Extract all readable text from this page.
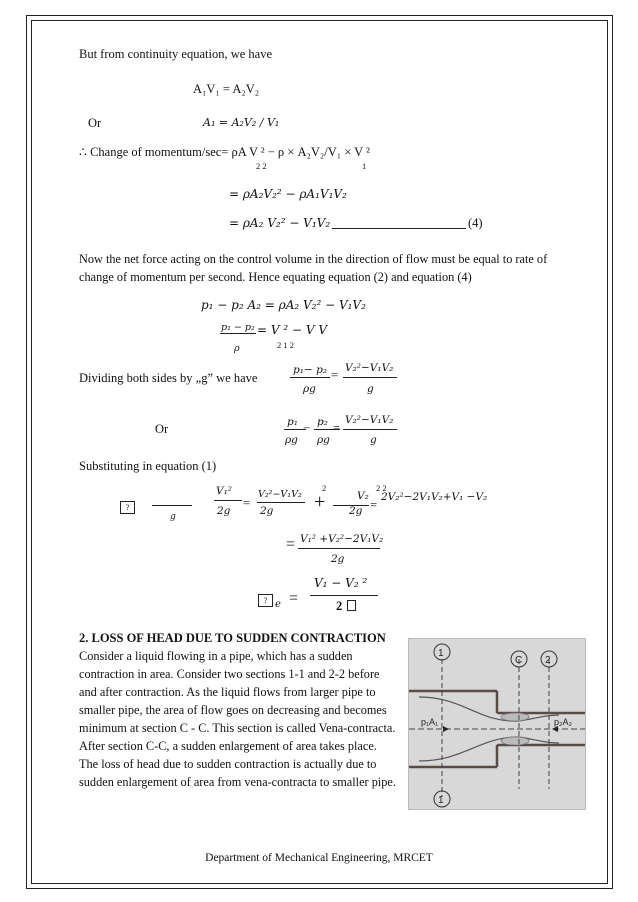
But from continuity equation, we have
A₁V₁ = A₂V₂
Or	A₁ = A₂V₂ / V₁
∴ Change of momentum/sec= ρA V ² − ρ × A₂V₂/V₁ × V ²
2 2	1
= ρA₂V₂² − ρA₁V₁V₂
= ρA₂ V₂² − V₁V₂	(4)
Now the net force acting on the control volume in the direction of flow must be equal to rate of change of momentum per second. Hence equating equation (2) and equation (4)
p₁ − p₂ A₂ = ρA₂ V₂² − V₁V₂
p₁ − p₂ = V ² − V V
2 1 2
ρ
Dividing both sides by „g” we have
p₁− p₂
ρg
= V₂²−V₁V₂
g
Or	p₁
ρg
− p₂
ρg
=
V₂²−V₁V₂
g
Substituting in equation (1)
?
g
V₁²
2g
=
V₂²−V₁V₂
2g
2
+	V₂
2g =
2 2
2V₂²−2V₁V₂+V₁ −V₂
= V₁² +V₂²−2V₁V₂
2g
? e =
V₁ − V₂ ²
2
2. LOSS OF HEAD DUE TO SUDDEN CONTRACTION
Consider a liquid flowing in a pipe, which has a sudden contraction in area. Consider two sections 1-1 and 2-2 before and after contraction. As the liquid flows from larger pipe to smaller pipe, the area of flow goes on decreasing and becomes minimum at section C - C. This section is called Vena-contracta. After section C-C, a sudden enlargement of area takes place. The loss of head due to sudden contraction is actually due to sudden enlargement of area from vena-contracta to smaller pipe.
1
C 2
1
p₁A₁	p₂A₂
Department of Mechanical Engineering, MRCET
